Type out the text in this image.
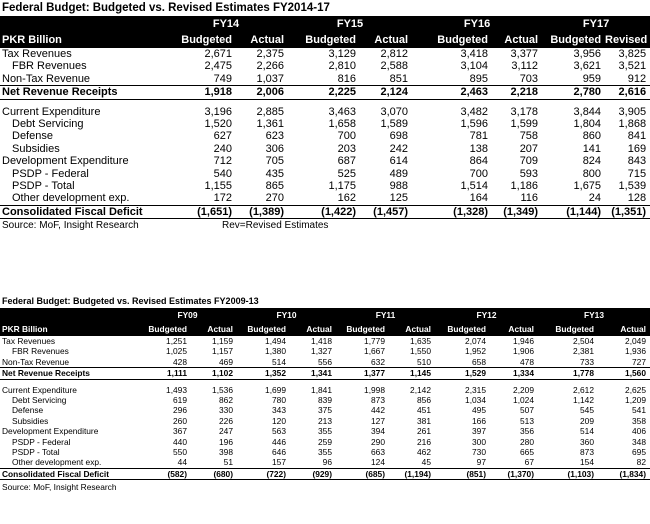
Federal Budget: Budgeted vs. Revised Estimates FY2014-17
	FY14		FY15		FY16		FY17	
PKR Billion	Budgeted	Actual	Budgeted	Actual	Budgeted	Actual	Budgeted	Revised
Tax Revenues	2,671	2,375	3,129	2,812	3,418	3,377	3,956	3,825
FBR Revenues	2,475	2,266	2,810	2,588	3,104	3,112	3,621	3,521
Non-Tax Revenue	749	1,037	816	851	895	703	959	912
Net Revenue Receipts	1,918	2,006	2,225	2,124	2,463	2,218	2,780	2,616

Current Expenditure	3,196	2,885	3,463	3,070	3,482	3,178	3,844	3,905
Debt Servicing	1,520	1,361	1,658	1,589	1,596	1,599	1,804	1,868
Defense	627	623	700	698	781	758	860	841
Subsidies	240	306	203	242	138	207	141	169
Development Expenditure	712	705	687	614	864	709	824	843
PSDP - Federal	540	435	525	489	700	593	800	715
PSDP - Total	1,155	865	1,175	988	1,514	1,186	1,675	1,539
Other development exp.	172	270	162	125	164	116	24	128
Consolidated Fiscal Deficit	(1,651)	(1,389)	(1,422)	(1,457)	(1,328)	(1,349)	(1,144)	(1,351)
Source: MoF, Insight Research	Rev=Revised Estimates
Federal Budget: Budgeted vs. Revised Estimates FY2009-13
	FY09		FY10		FY11		FY12		FY13	
PKR Billion	Budgeted	Actual	Budgeted	Actual	Budgeted	Actual	Budgeted	Actual	Budgeted	Actual
Tax Revenues	1,251	1,159	1,494	1,418	1,779	1,635	2,074	1,946	2,504	2,049
FBR Revenues	1,025	1,157	1,380	1,327	1,667	1,550	1,952	1,906	2,381	1,936
Non-Tax Revenue	428	469	514	556	632	510	658	478	733	727
Net Revenue Receipts	1,111	1,102	1,352	1,341	1,377	1,145	1,529	1,334	1,778	1,560

Current Expenditure	1,493	1,536	1,699	1,841	1,998	2,142	2,315	2,209	2,612	2,625
Debt Servicing	619	862	780	839	873	856	1,034	1,024	1,142	1,209
Defense	296	330	343	375	442	451	495	507	545	541
Subsidies	260	226	120	213	127	381	166	513	209	358
Development Expenditure	367	247	563	355	394	261	397	356	514	406
PSDP - Federal	440	196	446	259	290	216	300	280	360	348
PSDP - Total	550	398	646	355	663	462	730	665	873	695
Other development exp.	44	51	157	96	124	45	97	67	154	82
Consolidated Fiscal Deficit	(582)	(680)	(722)	(929)	(685)	(1,194)	(851)	(1,370)	(1,103)	(1,834)
Source: MoF, Insight Research
